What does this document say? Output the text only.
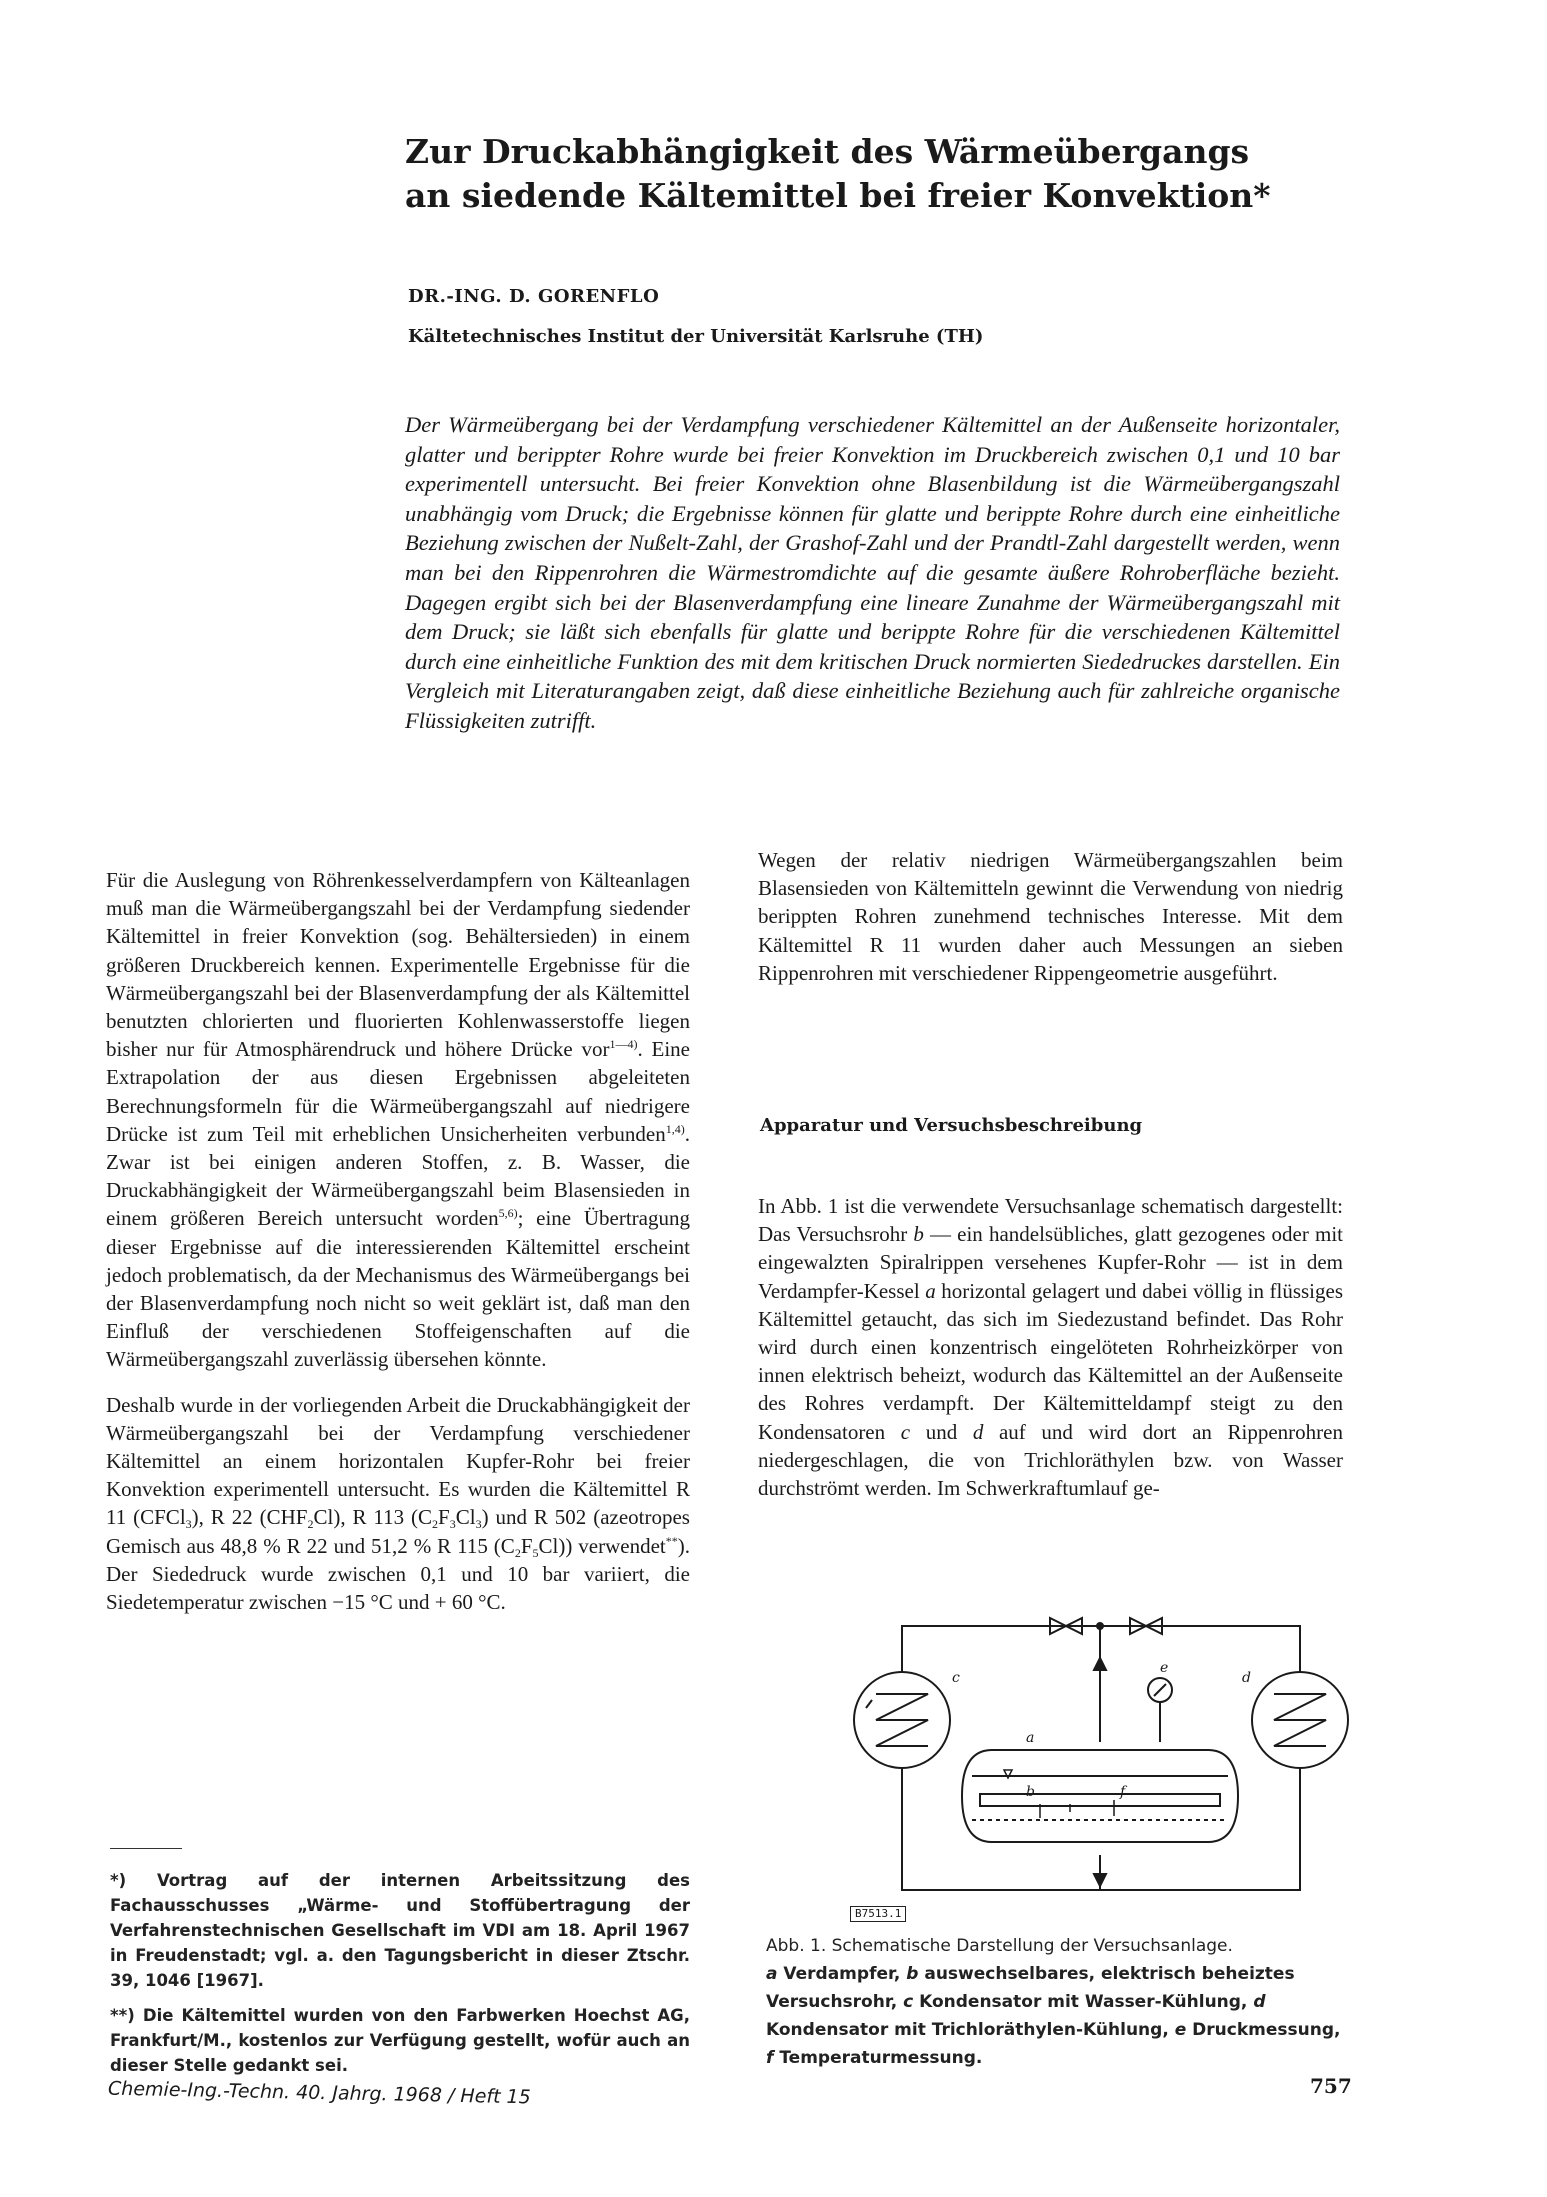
Zur Druckabhängigkeit des Wärmeübergangs
an siedende Kältemittel bei freier Konvektion*
DR.-ING. D. GORENFLO
Kältetechnisches Institut der Universität Karlsruhe (TH)
Der Wärmeübergang bei der Verdampfung verschiedener Kältemittel an der Außenseite horizontaler, glatter und berippter Rohre wurde bei freier Konvektion im Druckbereich zwischen 0,1 und 10 bar experimentell untersucht. Bei freier Konvektion ohne Blasenbildung ist die Wärmeübergangszahl unabhängig vom Druck; die Ergebnisse können für glatte und berippte Rohre durch eine einheitliche Beziehung zwischen der Nußelt-Zahl, der Grashof-Zahl und der Prandtl-Zahl dargestellt werden, wenn man bei den Rippenrohren die Wärmestromdichte auf die gesamte äußere Rohroberfläche bezieht. Dagegen ergibt sich bei der Blasenverdampfung eine lineare Zunahme der Wärmeübergangszahl mit dem Druck; sie läßt sich ebenfalls für glatte und berippte Rohre für die verschiedenen Kältemittel durch eine einheitliche Funktion des mit dem kritischen Druck normierten Siededruckes darstellen. Ein Vergleich mit Literaturangaben zeigt, daß diese einheitliche Beziehung auch für zahlreiche organische Flüssigkeiten zutrifft.

Für die Auslegung von Röhrenkesselverdampfern von Kälteanlagen muß man die Wärmeübergangszahl bei der Verdampfung siedender Kältemittel in freier Konvektion (sog. Behältersieden) in einem größeren Druckbereich kennen. Experimentelle Ergebnisse für die Wärmeübergangszahl bei der Blasenverdampfung der als Kältemittel benutzten chlorierten und fluorierten Kohlenwasserstoffe liegen bisher nur für Atmosphärendruck und höhere Drücke vor$^{1—4)}$. Eine Extrapolation der aus diesen Ergebnissen abgeleiteten Berechnungsformeln für die Wärmeübergangszahl auf niedrigere Drücke ist zum Teil mit erheblichen Unsicherheiten verbunden$^{1,4)}$. Zwar ist bei einigen anderen Stoffen, z. B. Wasser, die Druckabhängigkeit der Wärmeübergangszahl beim Blasensieden in einem größeren Bereich untersucht worden$^{5,6)}$; eine Übertragung dieser Ergebnisse auf die interessierenden Kältemittel erscheint jedoch problematisch, da der Mechanismus des Wärmeübergangs bei der Blasenverdampfung noch nicht so weit geklärt ist, daß man den Einfluß der verschiedenen Stoffeigenschaften auf die Wärmeübergangszahl zuverlässig übersehen könnte.

Deshalb wurde in der vorliegenden Arbeit die Druckabhängigkeit der Wärmeübergangszahl bei der Verdampfung verschiedener Kältemittel an einem horizontalen Kupfer-Rohr bei freier Konvektion experimentell untersucht. Es wurden die Kältemittel R 11 (CFCl$_3$), R 22 $(CHF_2Cl)$, R 113 $(C_2F_3Cl_3)$ und R 502 (azeotropes Gemisch aus 48,8 % R 22 und 51,2 % R 115 $(C_2F_5Cl)$) verwendet**). Der Siededruck wurde zwischen 0,1 und 10 bar variiert, die Siedetemperatur zwischen −15 °C und + 60 °C.

Wegen der relativ niedrigen Wärmeübergangszahlen beim Blasensieden von Kältemitteln gewinnt die Verwendung von niedrig berippten Rohren zunehmend technisches Interesse. Mit dem Kältemittel R 11 wurden daher auch Messungen an sieben Rippenrohren mit verschiedener Rippengeometrie ausgeführt.

Apparatur und Versuchsbeschreibung

In Abb. 1 ist die verwendete Versuchsanlage schematisch dargestellt: Das Versuchsrohr b — ein handelsübliches, glatt gezogenes oder mit eingewalzten Spiralrippen versehenes Kupfer-Rohr — ist in dem Verdampfer-Kessel a horizontal gelagert und dabei völlig in flüssiges Kältemittel getaucht, das sich im Siedezustand befindet. Das Rohr wird durch einen konzentrisch eingelöteten Rohrheizkörper von innen elektrisch beheizt, wodurch das Kältemittel an der Außenseite des Rohres verdampft. Der Kältemitteldampf steigt zu den Kondensatoren c und d auf und wird dort an Rippenrohren niedergeschlagen, die von Trichloräthylen bzw. von Wasser durchströmt werden. Im Schwerkraftumlauf ge-

c	d
e
a
b	f
B7513.1
Abb. 1. Schematische Darstellung der Versuchsanlage.
a Verdampfer, b auswechselbares, elektrisch beheiztes Versuchsrohr, c Kondensator mit Wasser-Kühlung, d Kondensator mit Trichloräthylen-Kühlung, e Druckmessung, f Temperaturmessung.

*) Vortrag auf der internen Arbeitssitzung des Fachausschusses „Wärme- und Stoffübertragung der Verfahrenstechnischen Gesellschaft im VDI am 18. April 1967 in Freudenstadt; vgl. a. den Tagungsbericht in dieser Ztschr. 39, 1046 [1967].

**) Die Kältemittel wurden von den Farbwerken Hoechst AG, Frankfurt/M., kostenlos zur Verfügung gestellt, wofür auch an dieser Stelle gedankt sei.

Chemie-Ing.-Techn. 40. Jahrg. 1968 / Heft 15	757
